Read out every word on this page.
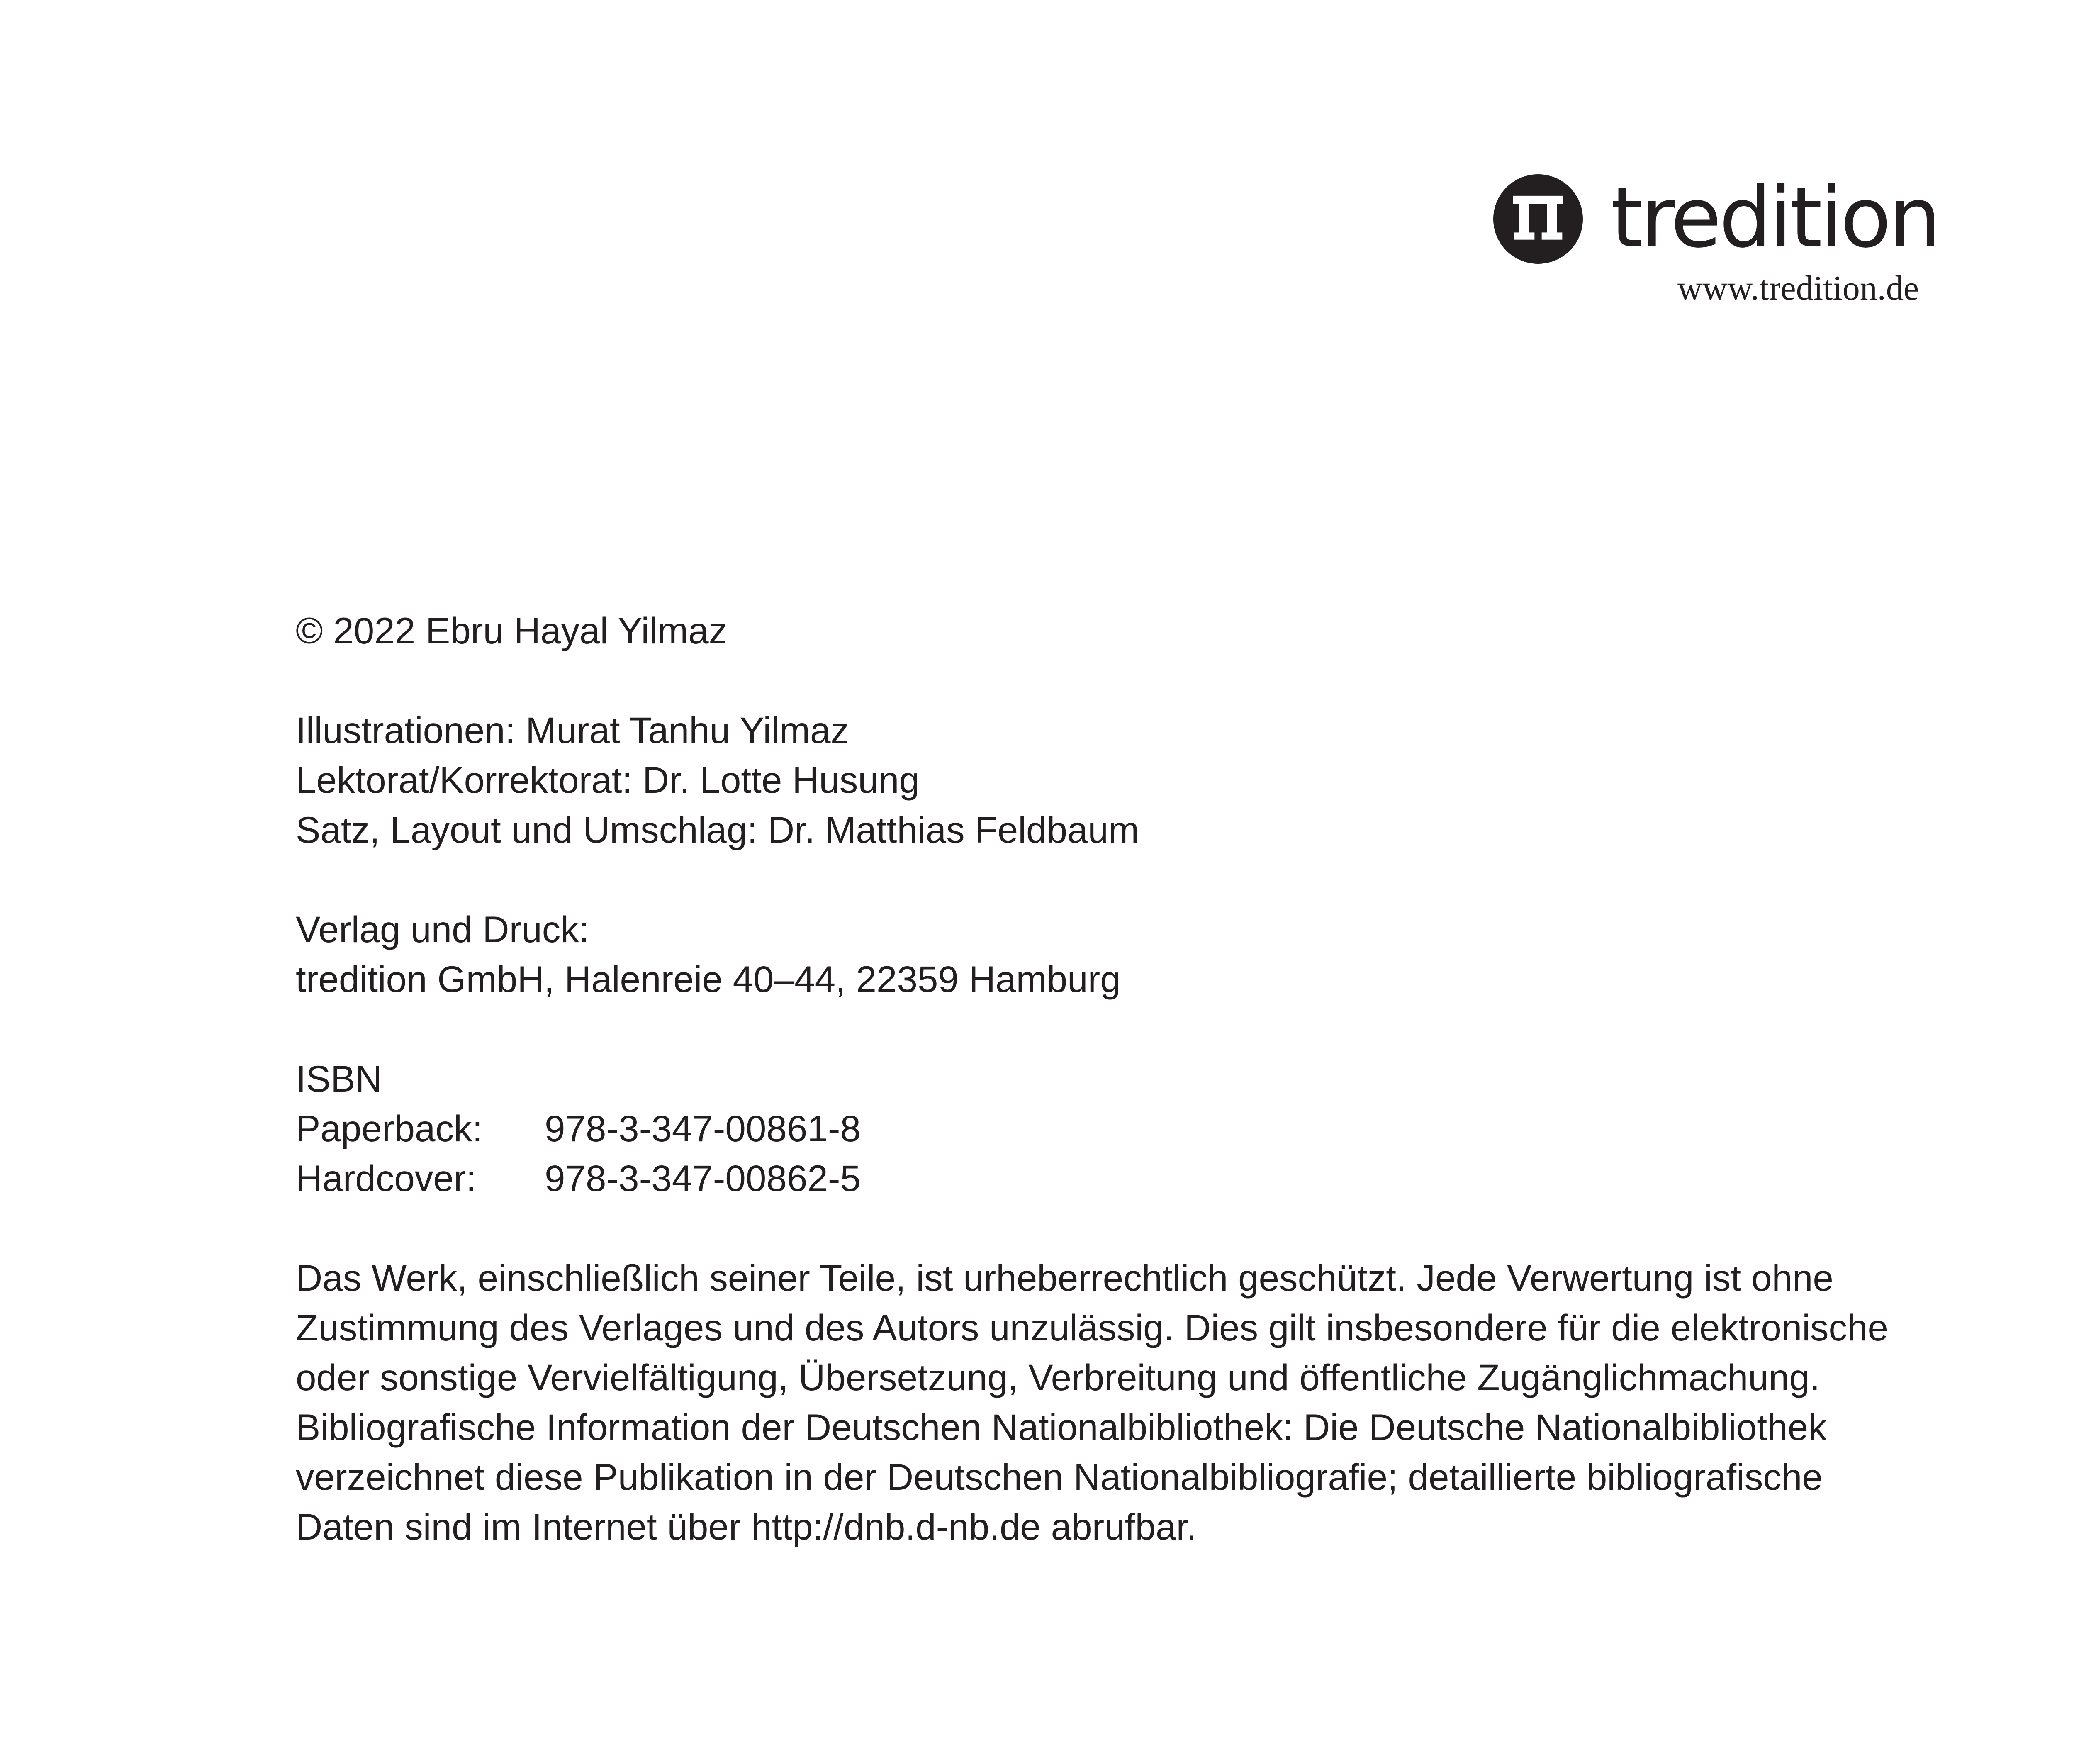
tredition
www.tredition.de

© 2022 Ebru Hayal Yilmaz

Illustrationen: Murat Tanhu Yilmaz

Lektorat/Korrektorat: Dr. Lotte Husung

Satz, Layout und Umschlag: Dr. Matthias Feldbaum

Verlag und Druck:

tredition GmbH, Halenreie 40–44, 22359 Hamburg

ISBN

Paperback:	978-3-347-00861-8
Hardcover:	978-3-347-00862-5

Das Werk, einschließlich seiner Teile, ist urheberrechtlich geschützt. Jede Verwertung ist ohne Zustimmung des Verlages und des Autors unzulässig. Dies gilt insbesondere für die elektronische oder sonstige Vervielfältigung, Übersetzung, Verbreitung und öffentliche Zugänglichmachung.

Bibliografische Information der Deutschen Nationalbibliothek: Die Deutsche Nationalbibliothek verzeichnet diese Publikation in der Deutschen Nationalbibliografie; detaillierte bibliografische Daten sind im Internet über http://dnb.d-nb.de abrufbar.
